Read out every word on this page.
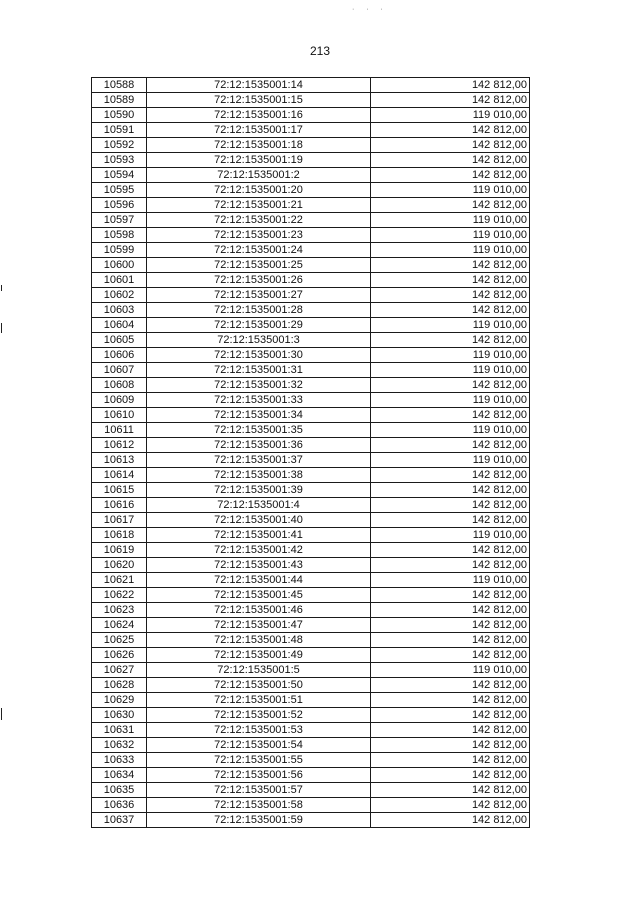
· · ·
213
10588	72:12:1535001:14	142 812,00
10589	72:12:1535001:15	142 812,00
10590	72:12:1535001:16	119 010,00
10591	72:12:1535001:17	142 812,00
10592	72:12:1535001:18	142 812,00
10593	72:12:1535001:19	142 812,00
10594	72:12:1535001:2	142 812,00
10595	72:12:1535001:20	119 010,00
10596	72:12:1535001:21	142 812,00
10597	72:12:1535001:22	119 010,00
10598	72:12:1535001:23	119 010,00
10599	72:12:1535001:24	119 010,00
10600	72:12:1535001:25	142 812,00
10601	72:12:1535001:26	142 812,00
10602	72:12:1535001:27	142 812,00
10603	72:12:1535001:28	142 812,00
10604	72:12:1535001:29	119 010,00
10605	72:12:1535001:3	142 812,00
10606	72:12:1535001:30	119 010,00
10607	72:12:1535001:31	119 010,00
10608	72:12:1535001:32	142 812,00
10609	72:12:1535001:33	119 010,00
10610	72:12:1535001:34	142 812,00
10611	72:12:1535001:35	119 010,00
10612	72:12:1535001:36	142 812,00
10613	72:12:1535001:37	119 010,00
10614	72:12:1535001:38	142 812,00
10615	72:12:1535001:39	142 812,00
10616	72:12:1535001:4	142 812,00
10617	72:12:1535001:40	142 812,00
10618	72:12:1535001:41	119 010,00
10619	72:12:1535001:42	142 812,00
10620	72:12:1535001:43	142 812,00
10621	72:12:1535001:44	119 010,00
10622	72:12:1535001:45	142 812,00
10623	72:12:1535001:46	142 812,00
10624	72:12:1535001:47	142 812,00
10625	72:12:1535001:48	142 812,00
10626	72:12:1535001:49	142 812,00
10627	72:12:1535001:5	119 010,00
10628	72:12:1535001:50	142 812,00
10629	72:12:1535001:51	142 812,00
10630	72:12:1535001:52	142 812,00
10631	72:12:1535001:53	142 812,00
10632	72:12:1535001:54	142 812,00
10633	72:12:1535001:55	142 812,00
10634	72:12:1535001:56	142 812,00
10635	72:12:1535001:57	142 812,00
10636	72:12:1535001:58	142 812,00
10637	72:12:1535001:59	142 812,00
